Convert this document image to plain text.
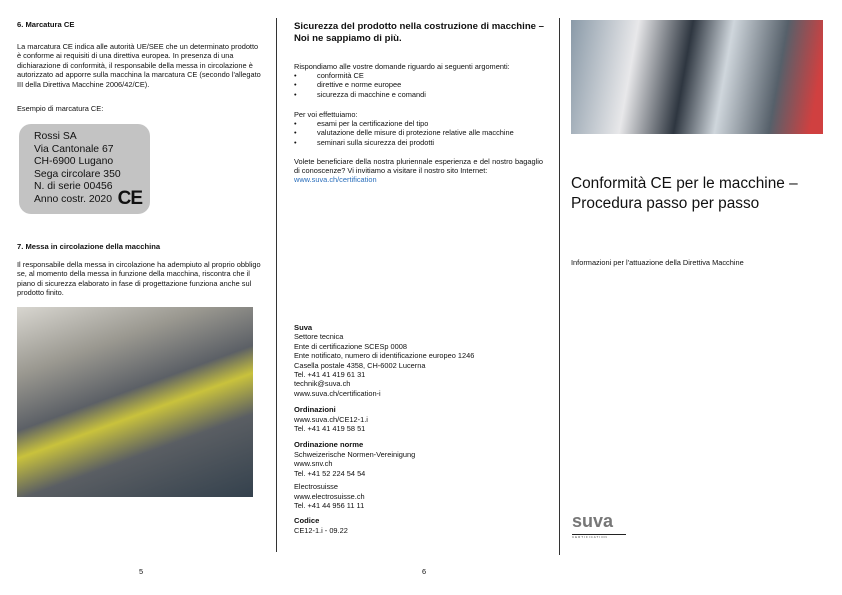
6. Marcatura CE

La marcatura CE indica alle autorità UE/SEE che un determinato prodotto è conforme ai requisiti di una direttiva europea. In presenza di una dichiarazione di conformità, il responsabile della messa in circolazione è autorizzato ad apporre sulla macchina la marcatura CE (secondo l'allegato III della Direttiva Macchine 2006/42/CE).

Esempio di marcatura CE:

Rossi SA
Via Cantonale 67
CH-6900 Lugano
Sega circolare 350
N. di serie 00456
Anno costr. 2020 CE
7. Messa in circolazione della macchina

Il responsabile della messa in circolazione ha adempiuto al proprio obbligo se, al momento della messa in funzione della macchina, riscontra che il piano di sicurezza elaborato in fase di progettazione funziona anche sul prodotto finito.

5
Sicurezza del prodotto nella costruzione di macchine – Noi ne sappiamo di più.

Rispondiamo alle vostre domande riguardo ai seguenti argomenti:

• conformità CE
• direttive e norme europee
• sicurezza di macchine e comandi

Per voi effettuiamo:

• esami per la certificazione del tipo
• valutazione delle misure di protezione relative alle macchine
• seminari sulla sicurezza dei prodotti

Volete beneficiare della nostra pluriennale esperienza e del nostro bagaglio di conoscenze? Vi invitiamo a visitare il nostro sito Internet:

www.suva.ch/certification
Suva
Settore tecnica
Ente di certificazione SCESp 0008
Ente notificato, numero di identificazione europeo 1246
Casella postale 4358, CH-6002 Lucerna
Tel. +41 41 419 61 31
technik@suva.ch
www.suva.ch/certification-i
Ordinazioni
www.suva.ch/CE12-1.i
Tel. +41 41 419 58 51
Ordinazione norme
Schweizerische Normen-Vereinigung
www.snv.ch
Tel. +41 52 224 54 54
Electrosuisse
www.electrosuisse.ch
Tel. +41 44 956 11 11
Codice
CE12-1.i - 09.22
6
Conformità CE per le macchine – Procedura passo per passo

Informazioni per l'attuazione della Direttiva Macchine

suva
CERTIFICATION
